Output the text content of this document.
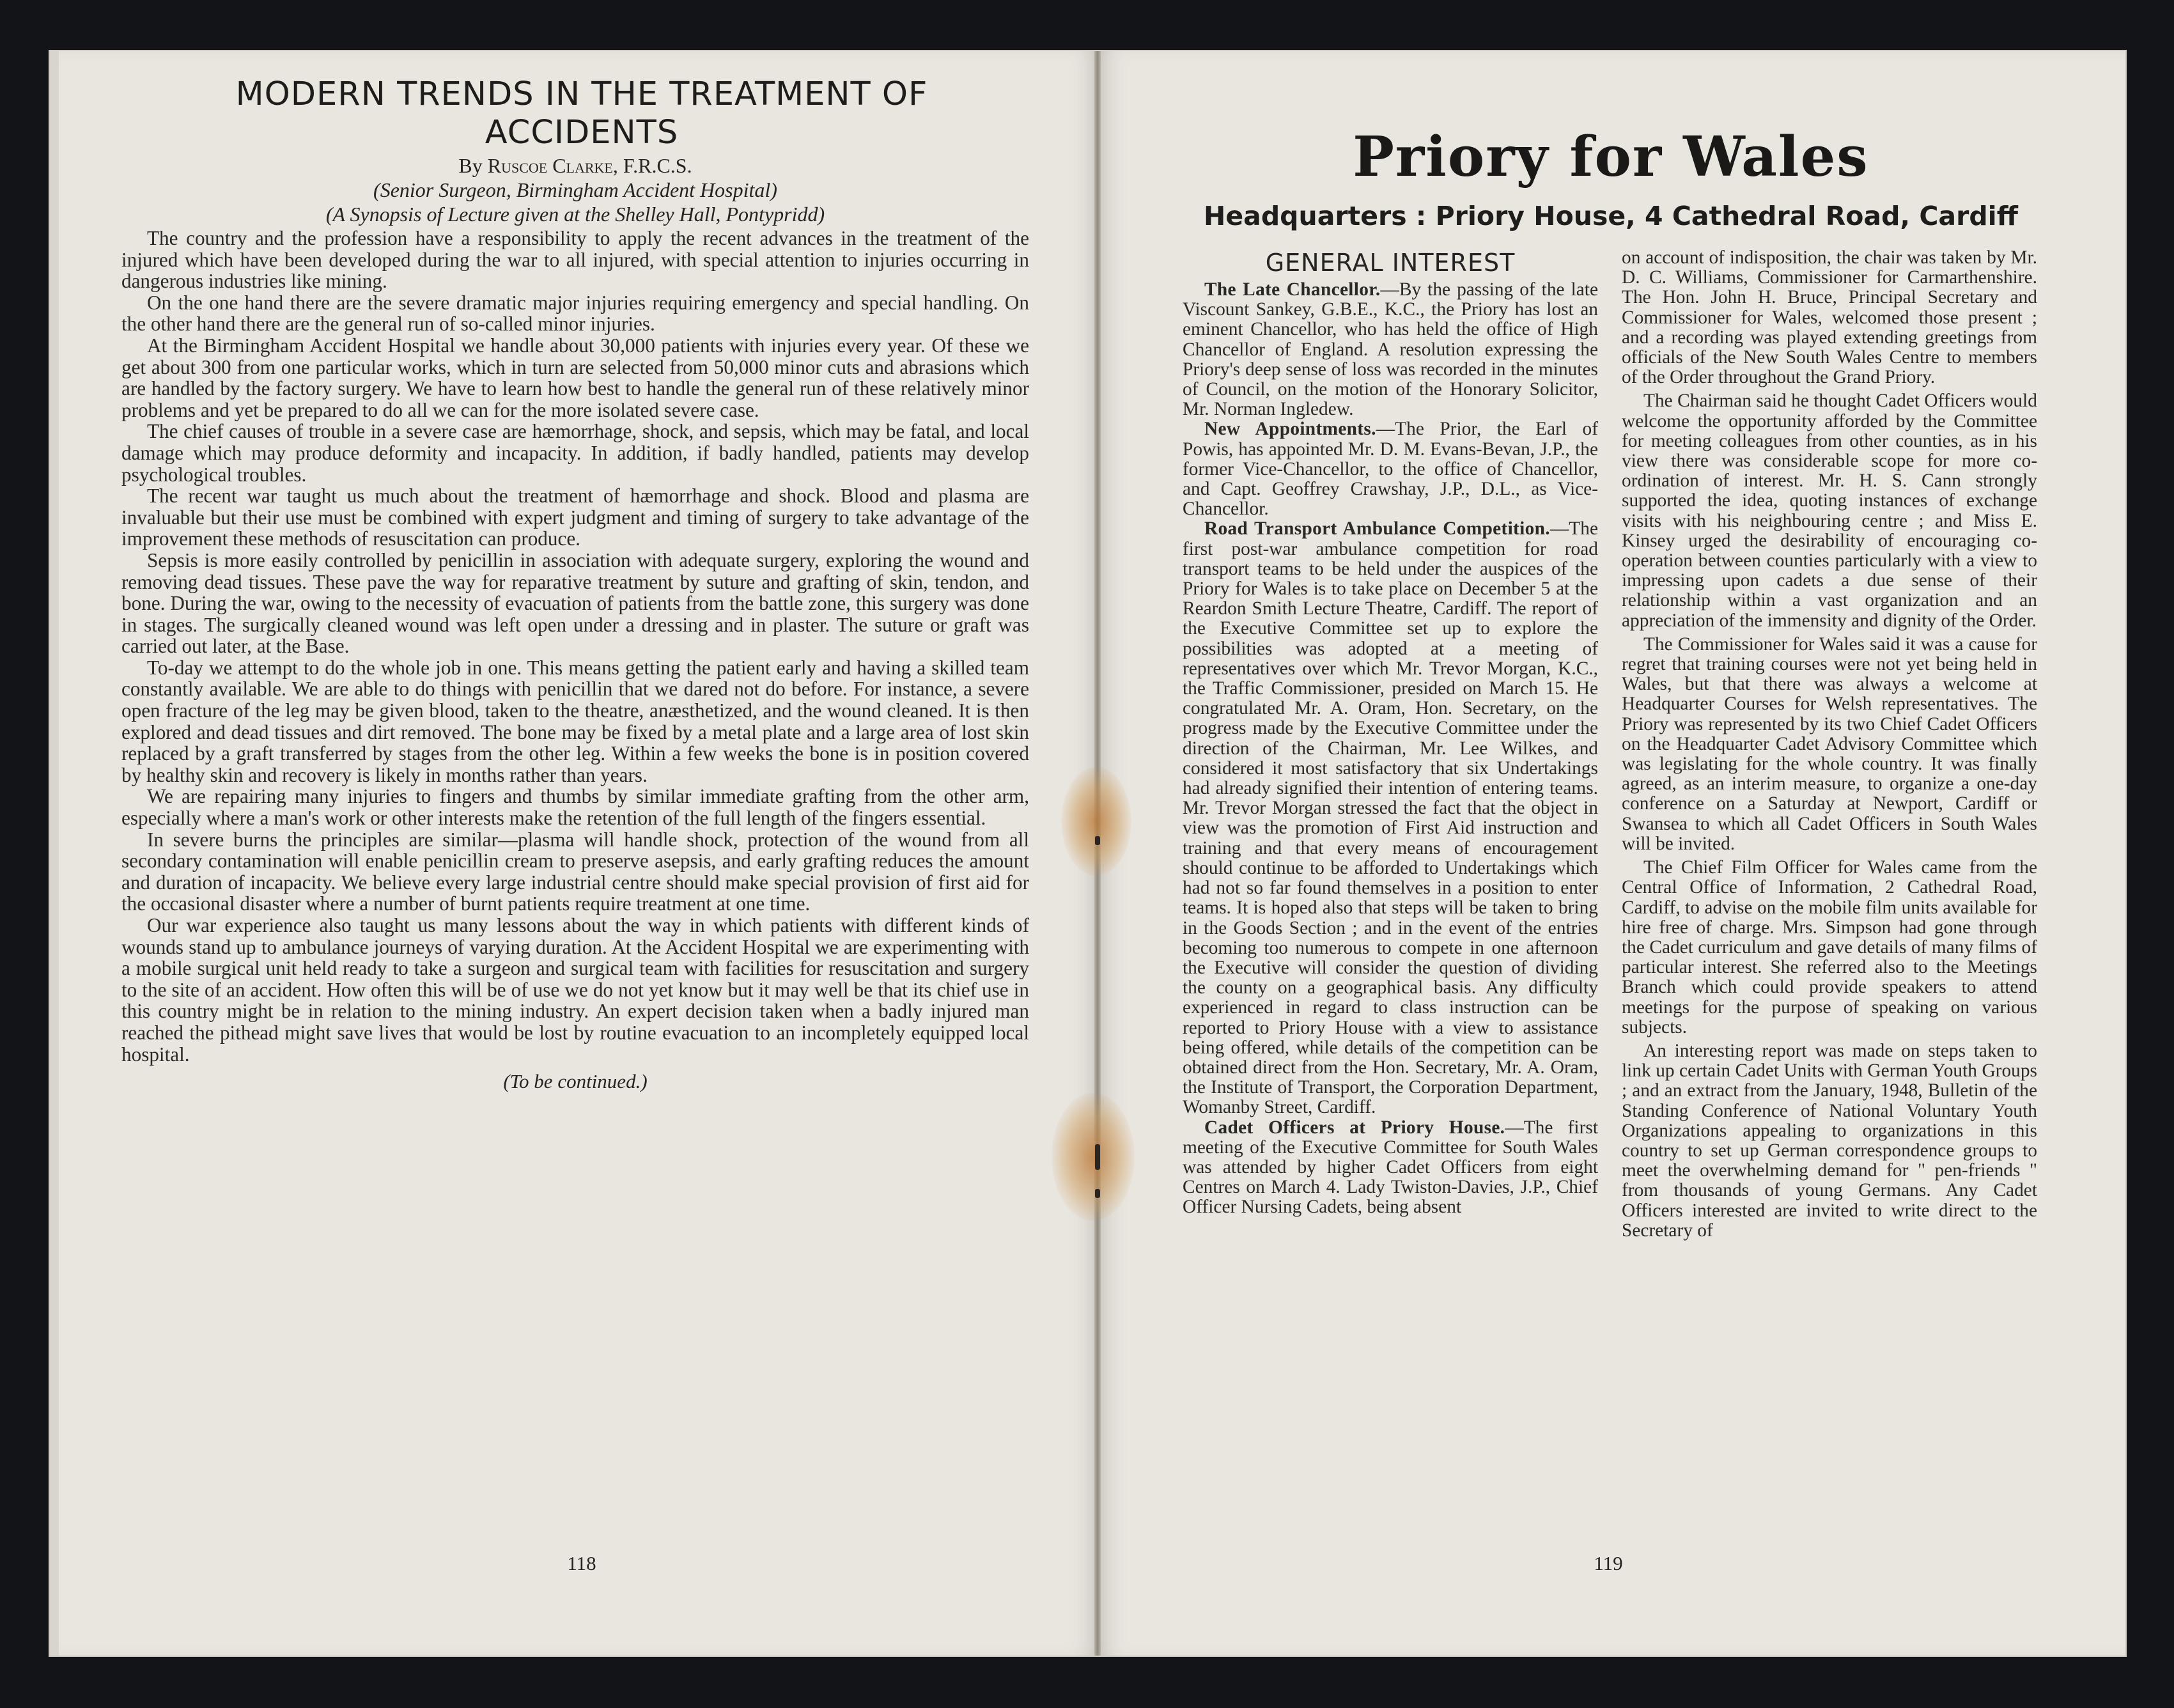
MODERN TRENDS IN THE TREATMENT OF ACCIDENTS
By Ruscoe Clarke, F.R.C.S.
(Senior Surgeon, Birmingham Accident Hospital)
(A Synopsis of Lecture given at the Shelley Hall, Pontypridd)

The country and the profession have a responsibility to apply the recent advances in the treatment of the injured which have been developed during the war to all injured, with special attention to injuries occurring in dangerous industries like mining.

On the one hand there are the severe dramatic major injuries requiring emergency and special handling. On the other hand there are the general run of so-called minor injuries.

At the Birmingham Accident Hospital we handle about 30,000 patients with injuries every year. Of these we get about 300 from one particular works, which in turn are selected from 50,000 minor cuts and abrasions which are handled by the factory surgery. We have to learn how best to handle the general run of these relatively minor problems and yet be prepared to do all we can for the more isolated severe case.

The chief causes of trouble in a severe case are hæmorrhage, shock, and sepsis, which may be fatal, and local damage which may produce deformity and incapacity. In addition, if badly handled, patients may develop psychological troubles.

The recent war taught us much about the treatment of hæmorrhage and shock. Blood and plasma are invaluable but their use must be combined with expert judgment and timing of surgery to take advantage of the improvement these methods of resuscitation can produce.

Sepsis is more easily controlled by penicillin in association with adequate surgery, exploring the wound and removing dead tissues. These pave the way for reparative treatment by suture and grafting of skin, tendon, and bone. During the war, owing to the necessity of evacuation of patients from the battle zone, this surgery was done in stages. The surgically cleaned wound was left open under a dressing and in plaster. The suture or graft was carried out later, at the Base.

To-day we attempt to do the whole job in one. This means getting the patient early and having a skilled team constantly available. We are able to do things with penicillin that we dared not do before. For instance, a severe open fracture of the leg may be given blood, taken to the theatre, anæsthetized, and the wound cleaned. It is then explored and dead tissues and dirt removed. The bone may be fixed by a metal plate and a large area of lost skin replaced by a graft transferred by stages from the other leg. Within a few weeks the bone is in position covered by healthy skin and recovery is likely in months rather than years.

We are repairing many injuries to fingers and thumbs by similar immediate grafting from the other arm, especially where a man's work or other interests make the retention of the full length of the fingers essential.

In severe burns the principles are similar—plasma will handle shock, protection of the wound from all secondary contamination will enable penicillin cream to preserve asepsis, and early grafting reduces the amount and duration of incapacity. We believe every large industrial centre should make special provision of first aid for the occasional disaster where a number of burnt patients require treatment at one time.

Our war experience also taught us many lessons about the way in which patients with different kinds of wounds stand up to ambulance journeys of varying duration. At the Accident Hospital we are experimenting with a mobile surgical unit held ready to take a surgeon and surgical team with facilities for resuscitation and surgery to the site of an accident. How often this will be of use we do not yet know but it may well be that its chief use in this country might be in relation to the mining industry. An expert decision taken when a badly injured man reached the pithead might save lives that would be lost by routine evacuation to an incompletely equipped local hospital.

(To be continued.)
118
Priory for Wales
Headquarters : Priory House, 4 Cathedral Road, Cardiff
GENERAL INTEREST

The Late Chancellor.—By the passing of the late Viscount Sankey, G.B.E., K.C., the Priory has lost an eminent Chancellor, who has held the office of High Chancellor of England. A resolution expressing the Priory's deep sense of loss was recorded in the minutes of Council, on the motion of the Honorary Solicitor, Mr. Norman Ingledew.

New Appointments.—The Prior, the Earl of Powis, has appointed Mr. D. M. Evans-Bevan, J.P., the former Vice-Chancellor, to the office of Chancellor, and Capt. Geoffrey Crawshay, J.P., D.L., as Vice-Chancellor.

Road Transport Ambulance Competition.—The first post-war ambulance competition for road transport teams to be held under the auspices of the Priory for Wales is to take place on December 5 at the Reardon Smith Lecture Theatre, Cardiff. The report of the Executive Committee set up to explore the possibilities was adopted at a meeting of representatives over which Mr. Trevor Morgan, K.C., the Traffic Commissioner, presided on March 15. He congratulated Mr. A. Oram, Hon. Secretary, on the progress made by the Executive Committee under the direction of the Chairman, Mr. Lee Wilkes, and considered it most satisfactory that six Undertakings had already signified their intention of entering teams. Mr. Trevor Morgan stressed the fact that the object in view was the promotion of First Aid instruction and training and that every means of encouragement should continue to be afforded to Undertakings which had not so far found themselves in a position to enter teams. It is hoped also that steps will be taken to bring in the Goods Section ; and in the event of the entries becoming too numerous to compete in one afternoon the Executive will consider the question of dividing the county on a geographical basis. Any difficulty experienced in regard to class instruction can be reported to Priory House with a view to assistance being offered, while details of the competition can be obtained direct from the Hon. Secretary, Mr. A. Oram, the Institute of Transport, the Corporation Department, Womanby Street, Cardiff.

Cadet Officers at Priory House.—The first meeting of the Executive Committee for South Wales was attended by higher Cadet Officers from eight Centres on March 4. Lady Twiston-Davies, J.P., Chief Officer Nursing Cadets, being absent

on account of indisposition, the chair was taken by Mr. D. C. Williams, Commissioner for Carmarthenshire. The Hon. John H. Bruce, Principal Secretary and Commissioner for Wales, welcomed those present ; and a recording was played extending greetings from officials of the New South Wales Centre to members of the Order throughout the Grand Priory.

The Chairman said he thought Cadet Officers would welcome the opportunity afforded by the Committee for meeting colleagues from other counties, as in his view there was considerable scope for more co-ordination of interest. Mr. H. S. Cann strongly supported the idea, quoting instances of exchange visits with his neighbouring centre ; and Miss E. Kinsey urged the desirability of encouraging co-operation between counties particularly with a view to impressing upon cadets a due sense of their relationship within a vast organization and an appreciation of the immensity and dignity of the Order.

The Commissioner for Wales said it was a cause for regret that training courses were not yet being held in Wales, but that there was always a welcome at Headquarter Courses for Welsh representatives. The Priory was represented by its two Chief Cadet Officers on the Headquarter Cadet Advisory Committee which was legislating for the whole country. It was finally agreed, as an interim measure, to organize a one-day conference on a Saturday at Newport, Cardiff or Swansea to which all Cadet Officers in South Wales will be invited.

The Chief Film Officer for Wales came from the Central Office of Information, 2 Cathedral Road, Cardiff, to advise on the mobile film units available for hire free of charge. Mrs. Simpson had gone through the Cadet curriculum and gave details of many films of particular interest. She referred also to the Meetings Branch which could provide speakers to attend meetings for the purpose of speaking on various subjects.

An interesting report was made on steps taken to link up certain Cadet Units with German Youth Groups ; and an extract from the January, 1948, Bulletin of the Standing Conference of National Voluntary Youth Organizations appealing to organizations in this country to set up German correspondence groups to meet the overwhelming demand for " pen-friends " from thousands of young Germans. Any Cadet Officers interested are invited to write direct to the Secretary of

119
